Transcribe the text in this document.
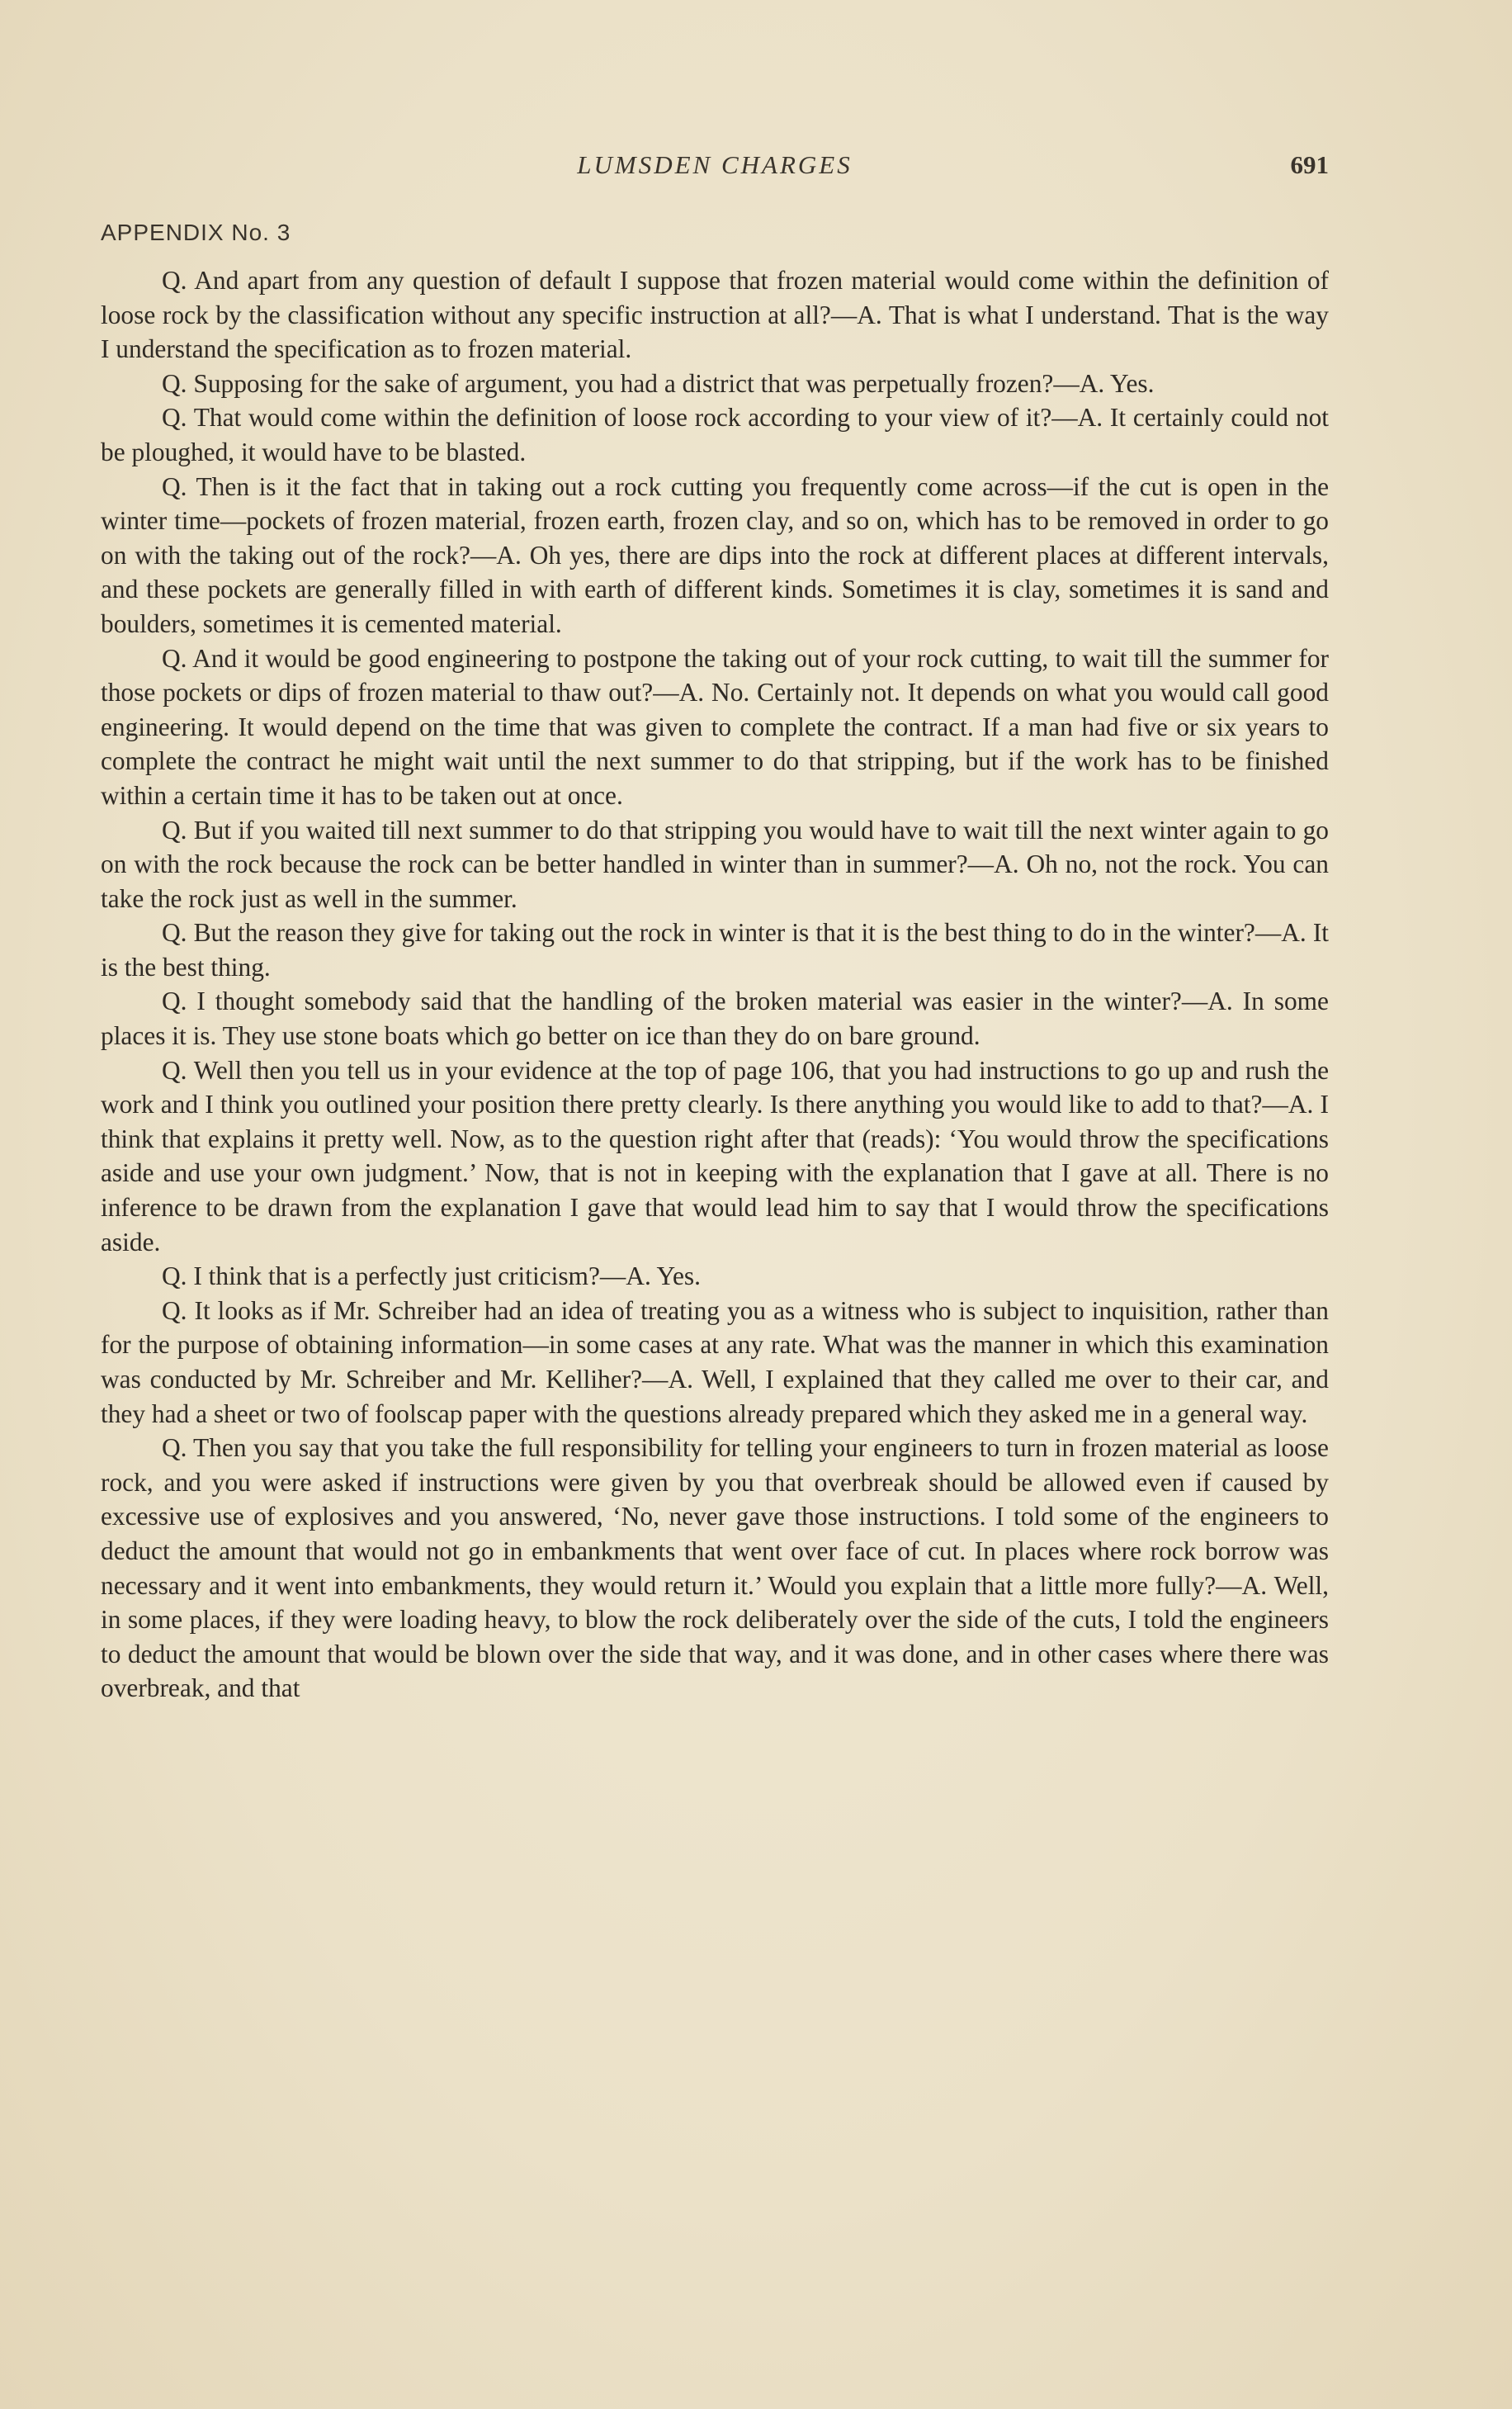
LUMSDEN CHARGES	691
APPENDIX No. 3

Q. And apart from any question of default I suppose that frozen material would come within the definition of loose rock by the classification without any specific instruction at all?—A. That is what I understand. That is the way I understand the specification as to frozen material.

Q. Supposing for the sake of argument, you had a district that was perpetually frozen?—A. Yes.

Q. That would come within the definition of loose rock according to your view of it?—A. It certainly could not be ploughed, it would have to be blasted.

Q. Then is it the fact that in taking out a rock cutting you frequently come across—if the cut is open in the winter time—pockets of frozen material, frozen earth, frozen clay, and so on, which has to be removed in order to go on with the taking out of the rock?—A. Oh yes, there are dips into the rock at different places at different intervals, and these pockets are generally filled in with earth of different kinds. Sometimes it is clay, sometimes it is sand and boulders, sometimes it is cemented material.

Q. And it would be good engineering to postpone the taking out of your rock cutting, to wait till the summer for those pockets or dips of frozen material to thaw out?—A. No. Certainly not. It depends on what you would call good engineering. It would depend on the time that was given to complete the contract. If a man had five or six years to complete the contract he might wait until the next summer to do that stripping, but if the work has to be finished within a certain time it has to be taken out at once.

Q. But if you waited till next summer to do that stripping you would have to wait till the next winter again to go on with the rock because the rock can be better handled in winter than in summer?—A. Oh no, not the rock. You can take the rock just as well in the summer.

Q. But the reason they give for taking out the rock in winter is that it is the best thing to do in the winter?—A. It is the best thing.

Q. I thought somebody said that the handling of the broken material was easier in the winter?—A. In some places it is. They use stone boats which go better on ice than they do on bare ground.

Q. Well then you tell us in your evidence at the top of page 106, that you had instructions to go up and rush the work and I think you outlined your position there pretty clearly. Is there anything you would like to add to that?—A. I think that explains it pretty well. Now, as to the question right after that (reads): ‘You would throw the specifications aside and use your own judgment.’ Now, that is not in keeping with the explanation that I gave at all. There is no inference to be drawn from the explanation I gave that would lead him to say that I would throw the specifications aside.

Q. I think that is a perfectly just criticism?—A. Yes.

Q. It looks as if Mr. Schreiber had an idea of treating you as a witness who is subject to inquisition, rather than for the purpose of obtaining information—in some cases at any rate. What was the manner in which this examination was conducted by Mr. Schreiber and Mr. Kelliher?—A. Well, I explained that they called me over to their car, and they had a sheet or two of foolscap paper with the questions already prepared which they asked me in a general way.

Q. Then you say that you take the full responsibility for telling your engineers to turn in frozen material as loose rock, and you were asked if instructions were given by you that overbreak should be allowed even if caused by excessive use of explosives and you answered, ‘No, never gave those instructions. I told some of the engineers to deduct the amount that would not go in embankments that went over face of cut. In places where rock borrow was necessary and it went into embankments, they would return it.’ Would you explain that a little more fully?—A. Well, in some places, if they were loading heavy, to blow the rock deliberately over the side of the cuts, I told the engineers to deduct the amount that would be blown over the side that way, and it was done, and in other cases where there was overbreak, and that
